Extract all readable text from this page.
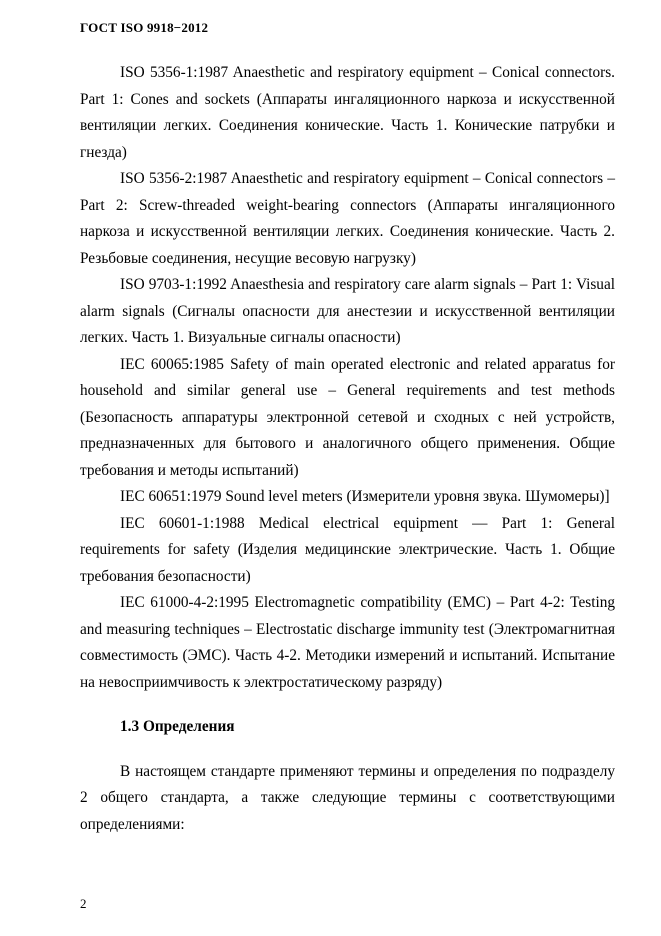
ГОСТ ISO 9918−2012

ISO 5356-1:1987 Anaesthetic and respiratory equipment – Conical connectors. Part 1: Cones and sockets (Аппараты ингаляционного наркоза и искусственной вентиляции легких. Соединения конические. Часть 1. Конические патрубки и гнезда)

ISO 5356-2:1987 Anaesthetic and respiratory equipment – Conical connectors – Part 2: Screw-threaded weight-bearing connectors (Аппараты ингаляционного наркоза и искусственной вентиляции легких. Соединения конические. Часть 2. Резьбовые соединения, несущие весовую нагрузку)

ISO 9703-1:1992 Anaesthesia and respiratory care alarm signals – Part 1: Visual alarm signals (Сигналы опасности для анестезии и искусственной вентиляции легких. Часть 1. Визуальные сигналы опасности)

IEC 60065:1985 Safety of main operated electronic and related apparatus for household and similar general use – General requirements and test methods (Безопасность аппаратуры электронной сетевой и сходных с ней устройств, предназначенных для бытового и аналогичного общего применения. Общие требования и методы испытаний)

IEC 60651:1979 Sound level meters (Измерители уровня звука. Шумомеры)]

IEC 60601-1:1988 Medical electrical equipment — Part 1: General requirements for safety (Изделия медицинские электрические. Часть 1. Общие требования безопасности)

IEC 61000-4-2:1995 Electromagnetic compatibility (EMC) – Part 4-2: Testing and measuring techniques – Electrostatic discharge immunity test (Электромагнитная совместимость (ЭМС). Часть 4-2. Методики измерений и испытаний. Испытание на невосприимчивость к электростатическому разряду)

1.3 Определения

В настоящем стандарте применяют термины и определения по подразделу 2 общего стандарта, а также следующие термины с соответствующими определениями:

2
